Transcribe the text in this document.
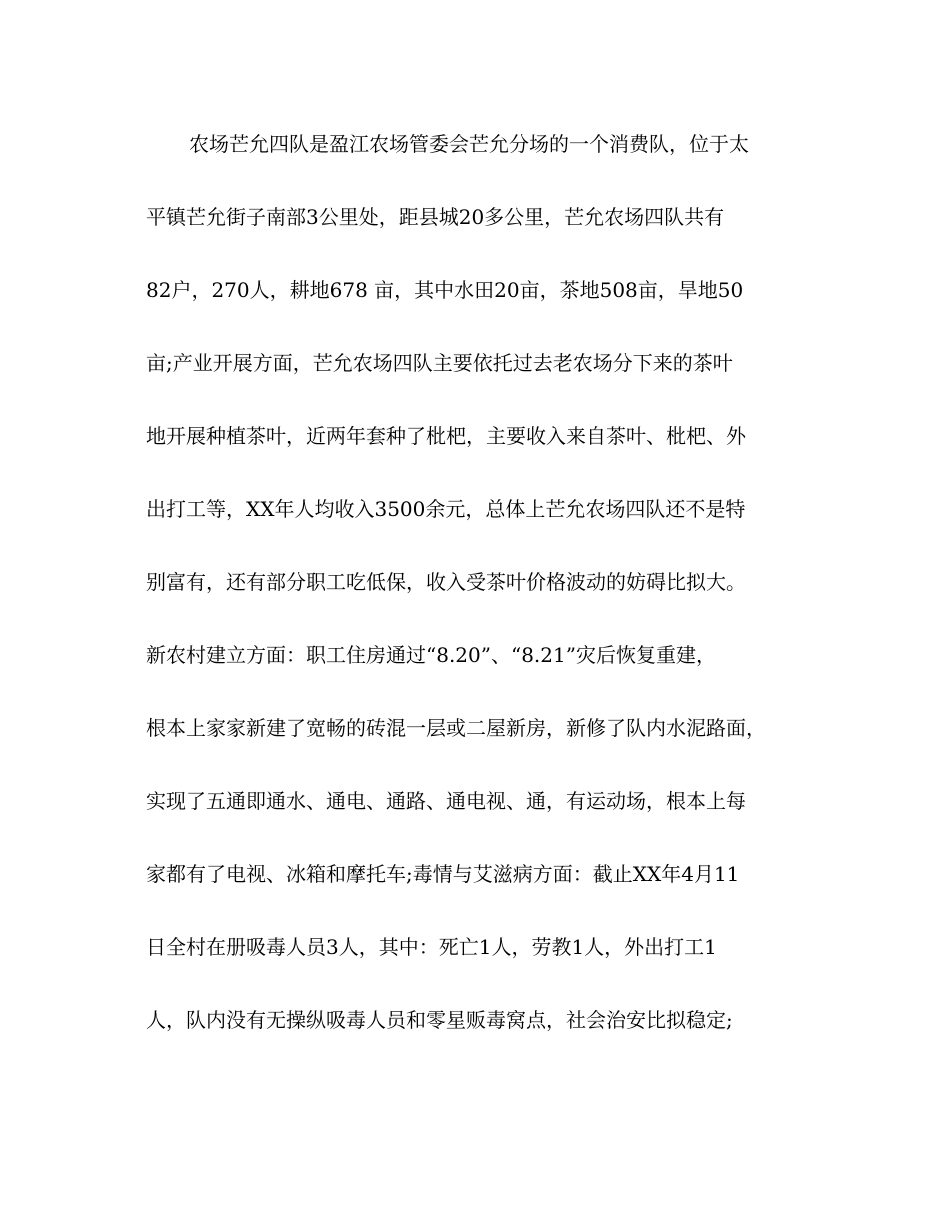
农场芒允四队是盈江农场管委会芒允分场的一个消费队，位于太
平镇芒允街子南部3公里处，距县城20多公里，芒允农场四队共有
82户，270人，耕地678 亩，其中水田20亩，茶地508亩，旱地50
亩;产业开展方面，芒允农场四队主要依托过去老农场分下来的茶叶
地开展种植茶叶，近两年套种了枇杷，主要收入来自茶叶、枇杷、外
出打工等，XX年人均收入3500余元，总体上芒允农场四队还不是特
别富有，还有部分职工吃低保，收入受茶叶价格波动的妨碍比拟大。
新农村建立方面：职工住房通过“8.20”、“8.21”灾后恢复重建，
根本上家家新建了宽畅的砖混一层或二屋新房，新修了队内水泥路面，
实现了五通即通水、通电、通路、通电视、通，有运动场，根本上每
家都有了电视、冰箱和摩托车;毒情与艾滋病方面：截止XX年4月11
日全村在册吸毒人员3人，其中：死亡1人，劳教1人，外出打工1
人，队内没有无操纵吸毒人员和零星贩毒窝点，社会治安比拟稳定;
